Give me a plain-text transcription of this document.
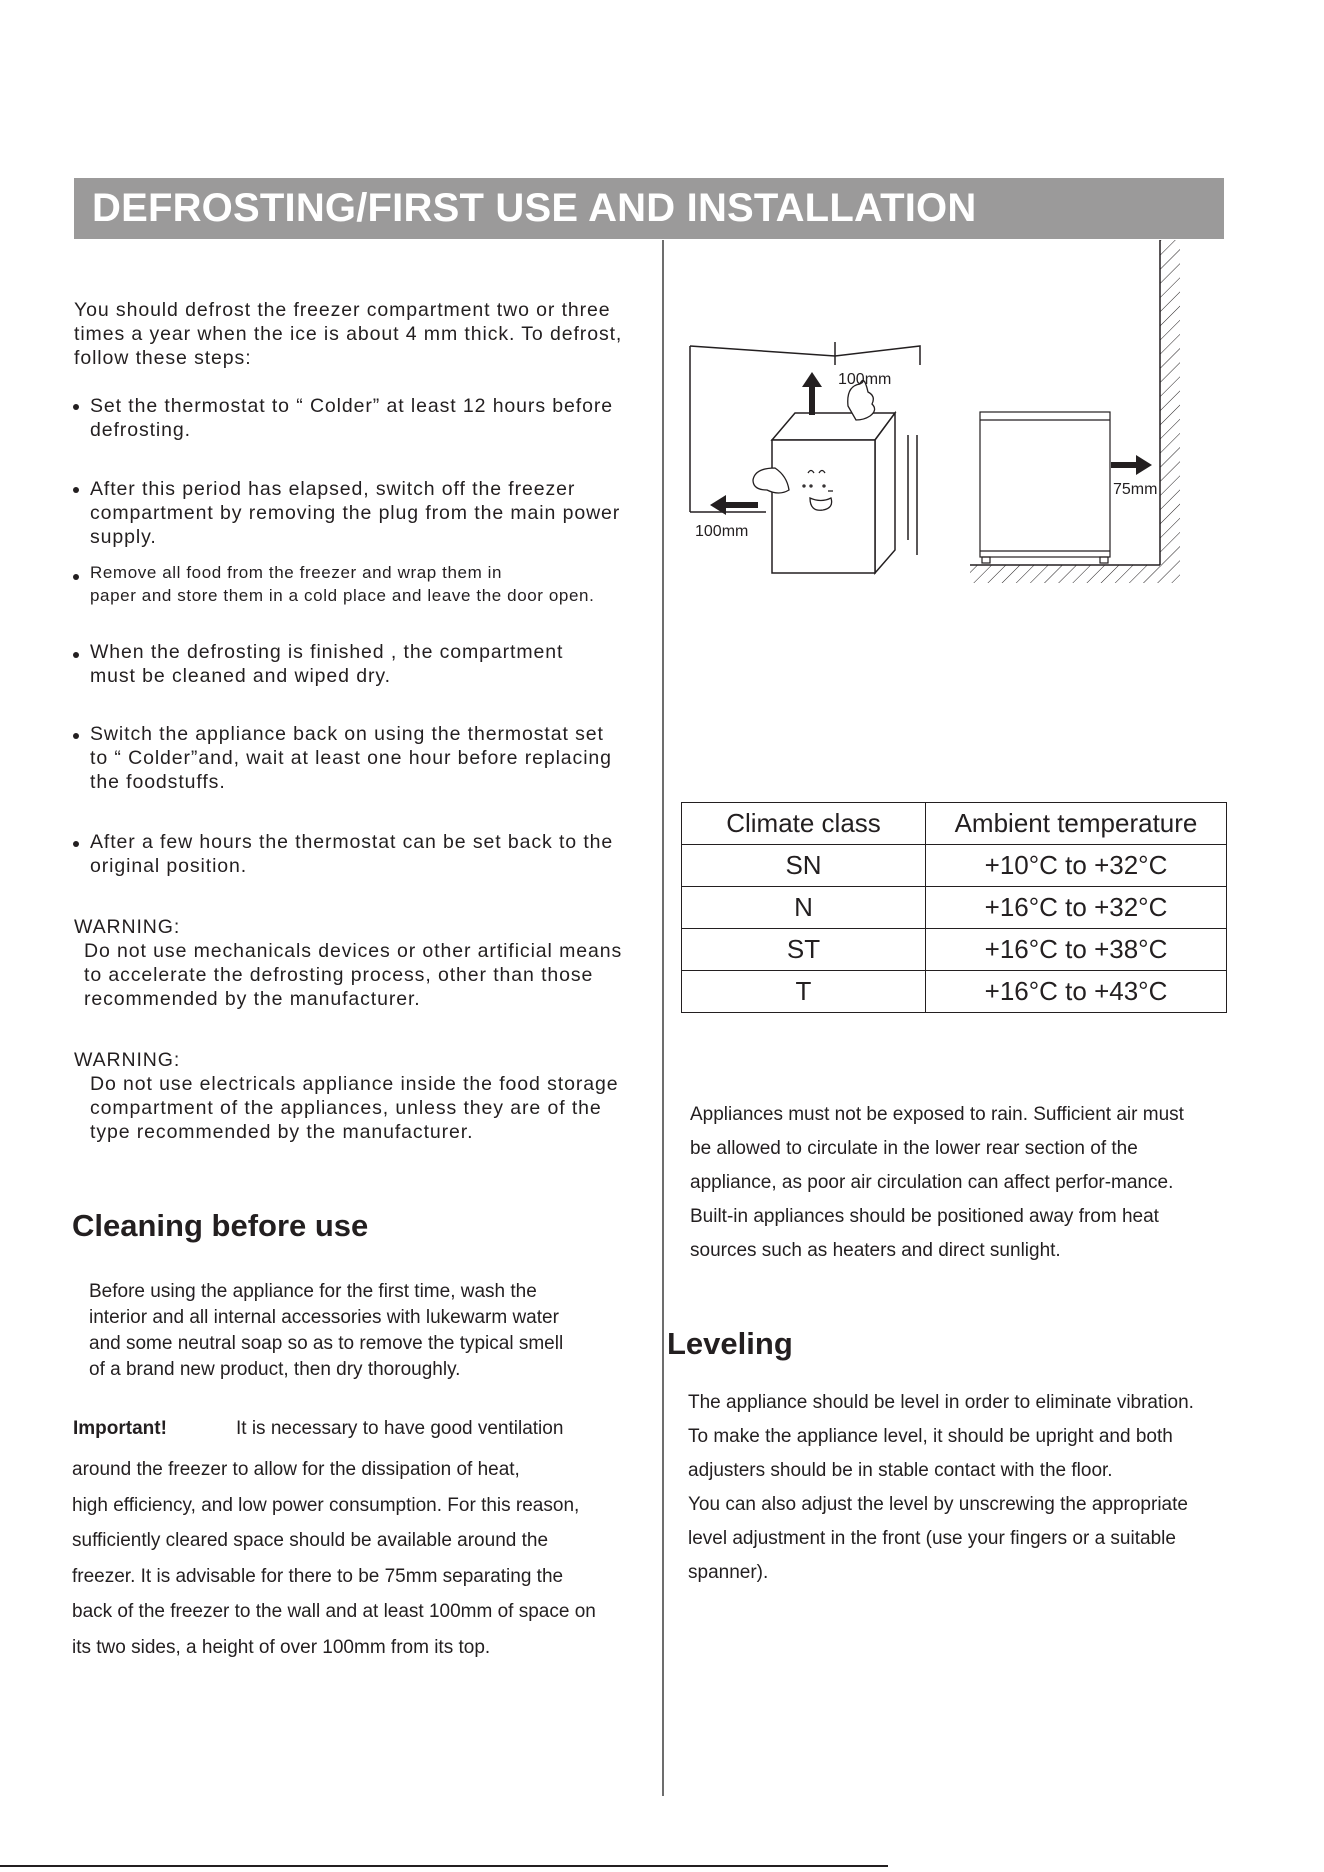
DEFROSTING/FIRST USE AND INSTALLATION
You should defrost the freezer compartment two or three
times a year when the ice is about 4 mm thick. To defrost,
follow these steps:
Set the thermostat to “ Colder” at least 12 hours before
defrosting.
After this period has elapsed, switch off the freezer
compartment by removing the plug from the main power
supply.
Remove all food from the freezer and wrap them in
paper and store them in a cold place and leave the door open.
When the defrosting is finished , the compartment
must be cleaned and wiped dry.
Switch the appliance back on using the thermostat set
to “ Colder”and, wait at least one hour before replacing
the foodstuffs.
After a few hours the thermostat can be set back to the
original position.
WARNING:
Do not use mechanicals devices or other artificial means
to accelerate the defrosting process, other than those
recommended by the manufacturer.
WARNING:
Do not use electricals appliance inside the food storage
compartment of the appliances, unless they are of the
type recommended by the manufacturer.
Cleaning before use
Before using the appliance for the first time, wash the
interior and all internal accessories with lukewarm water
and some neutral soap so as to remove the typical smell
of a brand new product, then dry thoroughly.
Important!	It is necessary to have good ventilation
around the freezer to allow for the dissipation of heat,
high efficiency, and low power consumption. For this reason,
sufficiently cleared space should be available around the
freezer. It is advisable for there to be 75mm separating the
back of the freezer to the wall and at least 100mm of space on
its two sides, a height of over 100mm from its top.
100mm
100mm
75mm
Climate class	Ambient temperature
SN	+10°C to +32°C
N	+16°C to +32°C
ST	+16°C to +38°C
T	+16°C to +43°C
Appliances must not be exposed to rain. Sufficient air must
be allowed to circulate in the lower rear section of the
appliance, as poor air circulation can affect perfor-mance.
Built-in appliances should be positioned away from heat
sources such as heaters and direct sunlight.
Leveling
The appliance should be level in order to eliminate vibration.
To make the appliance level, it should be upright and both
adjusters should be in stable contact with the floor.
You can also adjust the level by unscrewing the appropriate
level adjustment in the front (use your fingers or a suitable
spanner).
